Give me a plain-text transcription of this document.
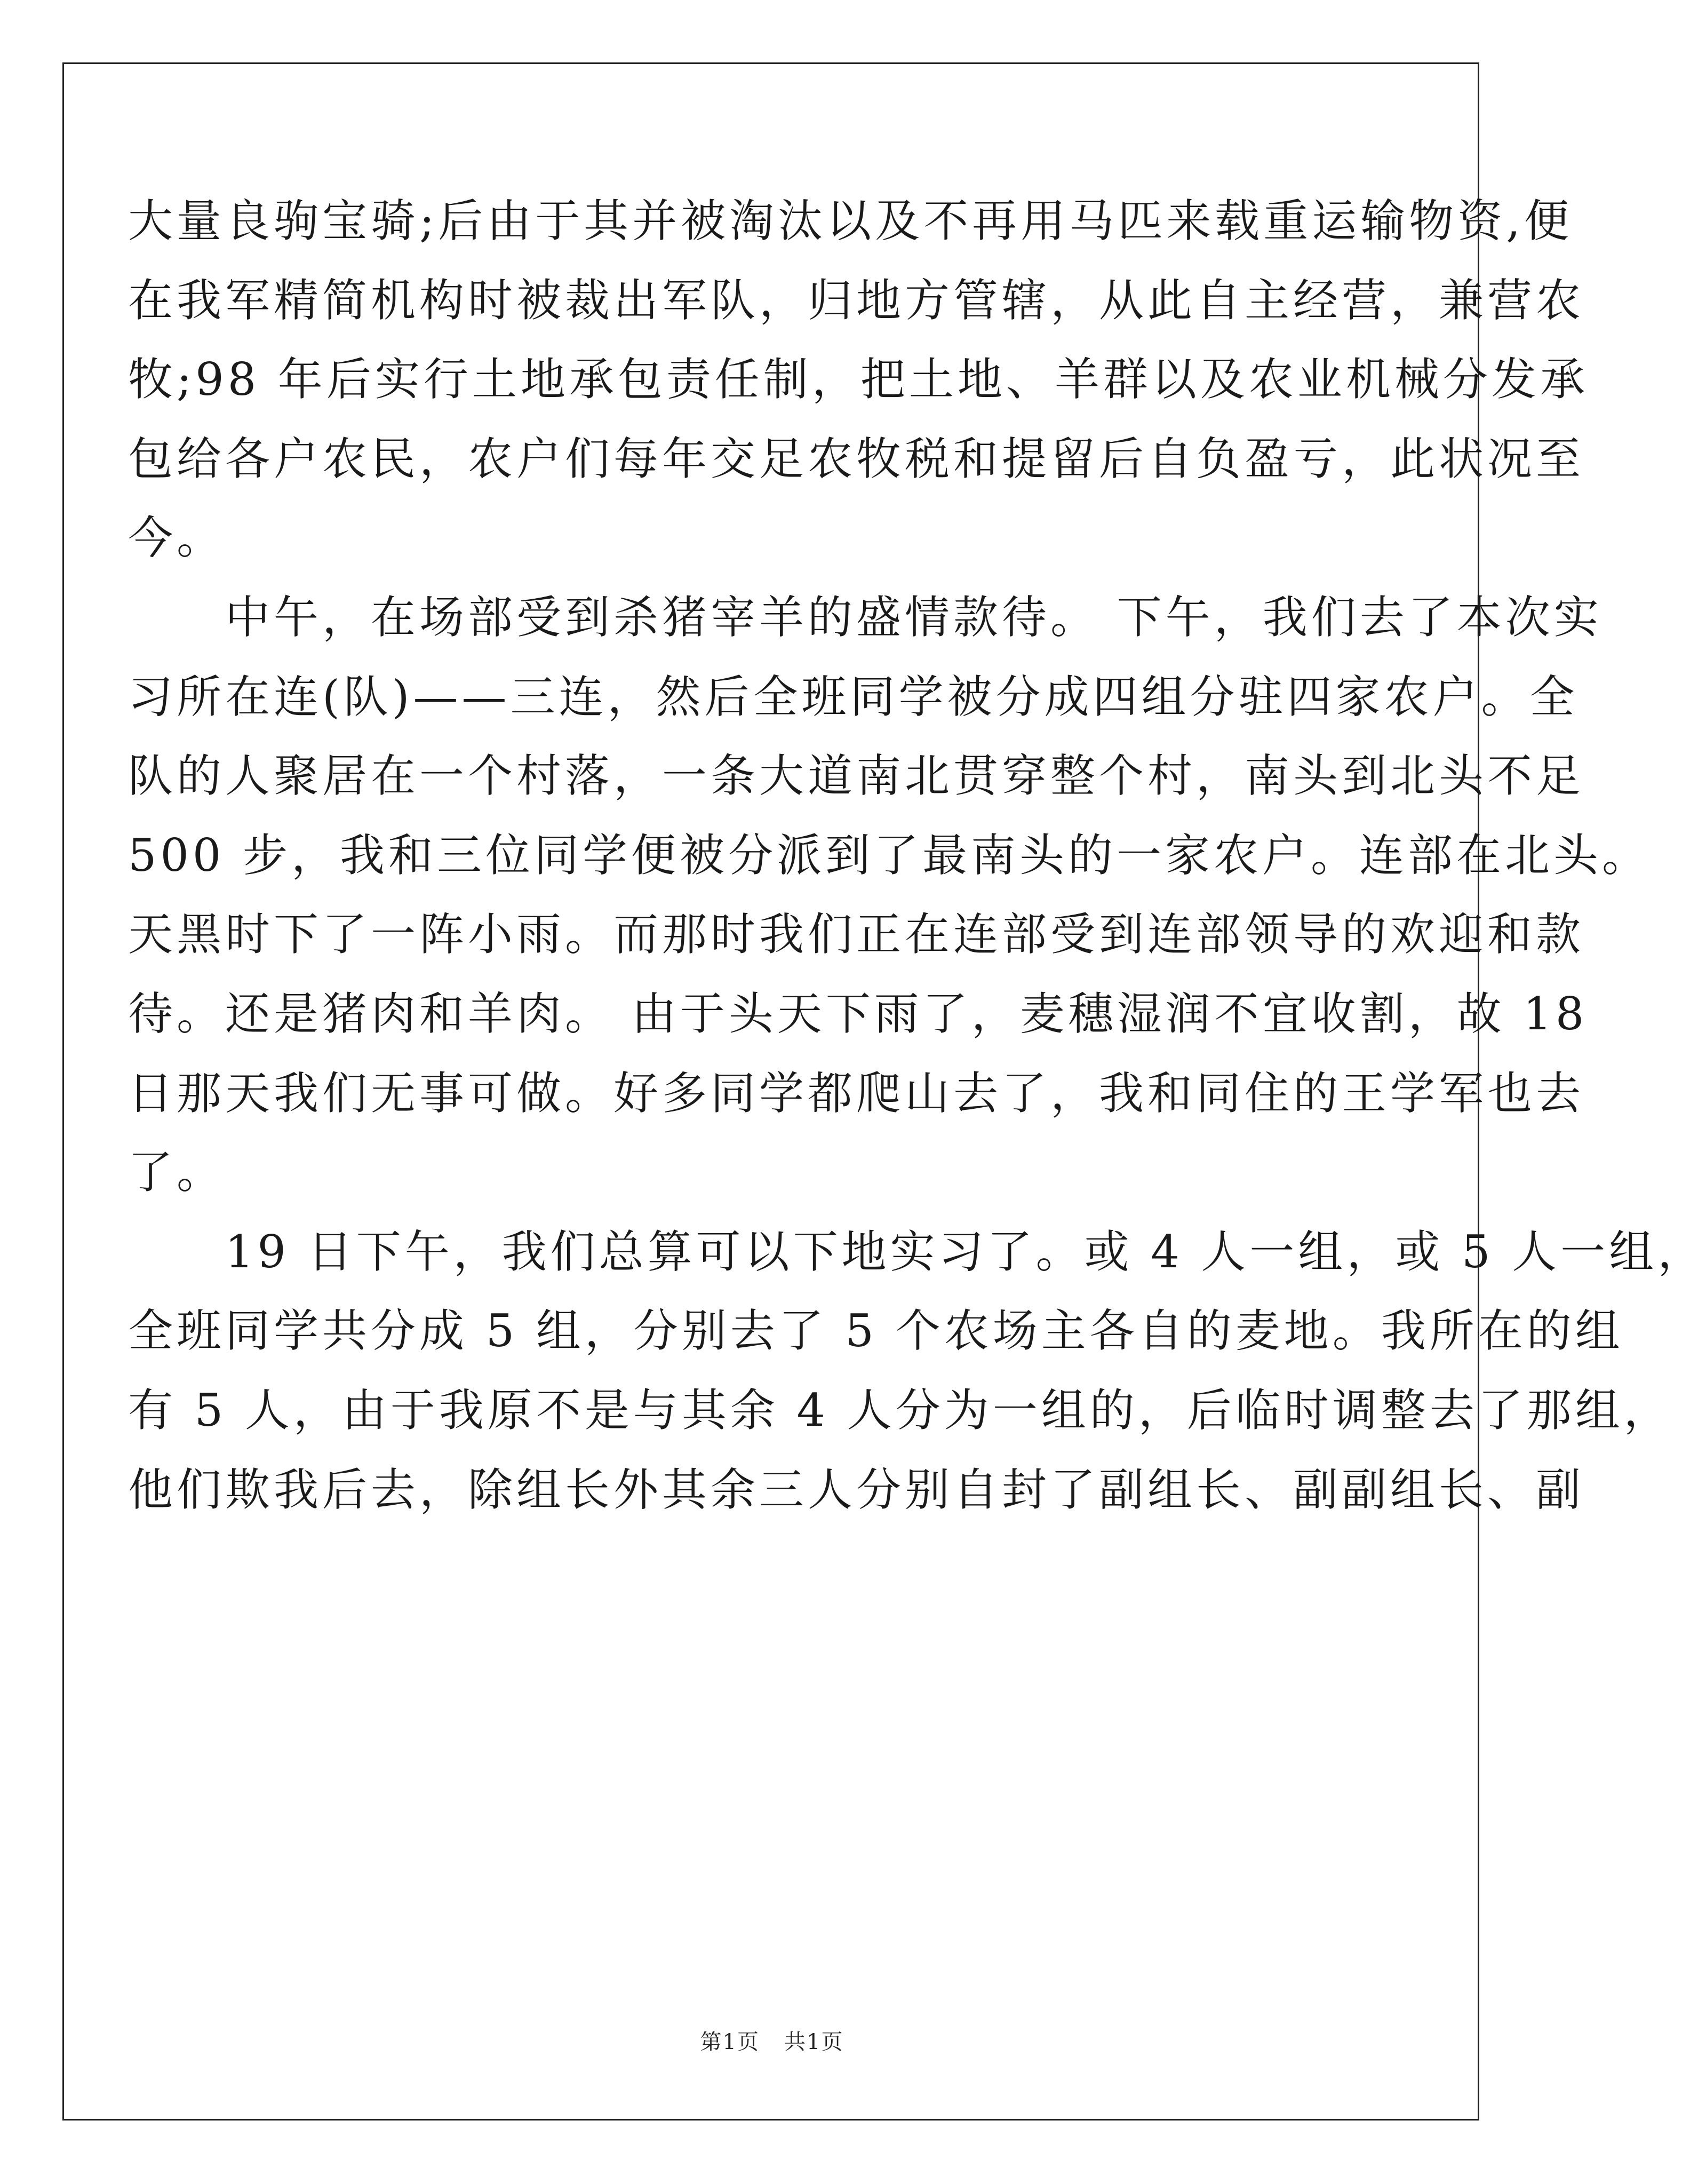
大量良驹宝骑;后由于其并被淘汰以及不再用马匹来载重运输物资,便
在我军精简机构时被裁出军队，归地方管辖，从此自主经营，兼营农
牧;98 年后实行土地承包责任制，把土地、羊群以及农业机械分发承
包给各户农民，农户们每年交足农牧税和提留后自负盈亏，此状况至
今。
　　中午，在场部受到杀猪宰羊的盛情款待。 下午，我们去了本次实
习所在连(队)——三连，然后全班同学被分成四组分驻四家农户。全
队的人聚居在一个村落，一条大道南北贯穿整个村，南头到北头不足
500 步，我和三位同学便被分派到了最南头的一家农户。连部在北头。
天黑时下了一阵小雨。而那时我们正在连部受到连部领导的欢迎和款
待。还是猪肉和羊肉。 由于头天下雨了，麦穗湿润不宜收割，故 18
日那天我们无事可做。好多同学都爬山去了，我和同住的王学军也去
了。
　　19 日下午，我们总算可以下地实习了。或 4 人一组，或 5 人一组，
全班同学共分成 5 组，分别去了 5 个农场主各自的麦地。我所在的组
有 5 人，由于我原不是与其余 4 人分为一组的，后临时调整去了那组，
他们欺我后去，除组长外其余三人分别自封了副组长、副副组长、副
第1页 共1页
